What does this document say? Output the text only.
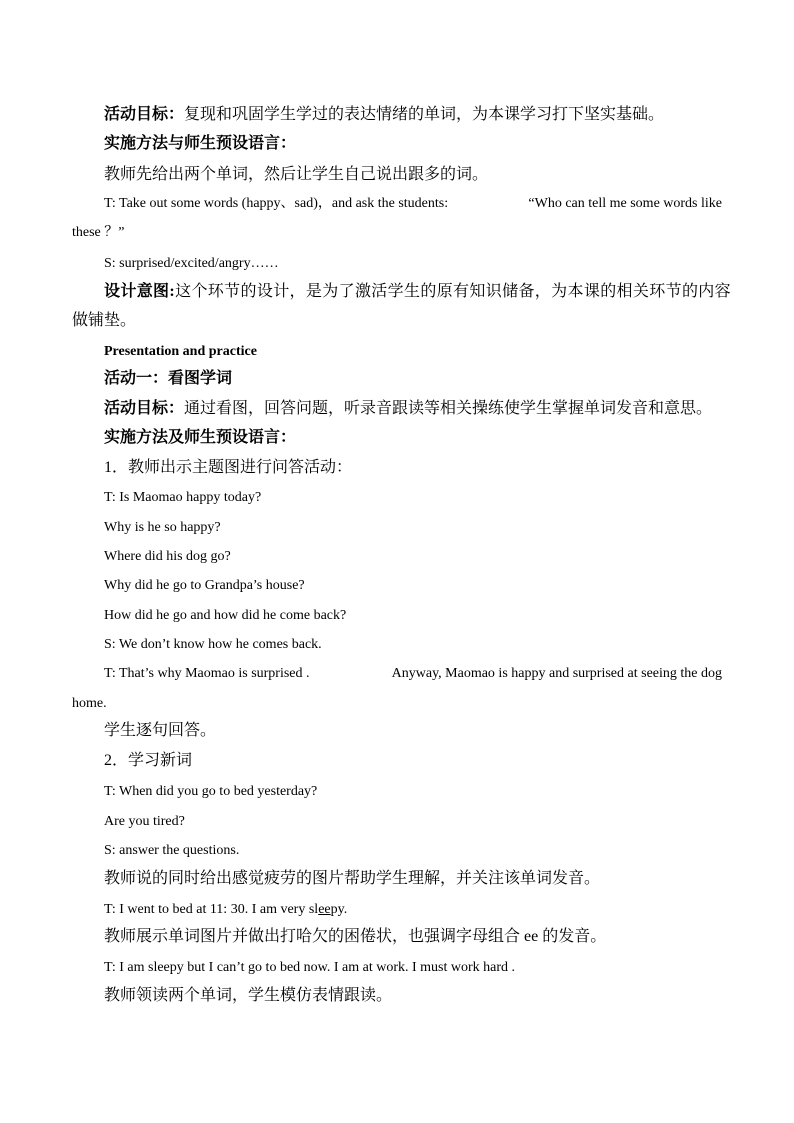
活动目标：复现和巩固学生学过的表达情绪的单词，为本课学习打下坚实基础。
实施方法与师生预设语言：
教师先给出两个单词，然后让学生自己说出跟多的词。
T: Take out some words (happy、sad)，and ask the students:	“Who can tell me some words like
these ？”
S: surprised/excited/angry……
设计意图:这个环节的设计，是为了激活学生的原有知识储备，为本课的相关环节的内容
做铺垫。
Presentation and practice
活动一：看图学词
活动目标：通过看图，回答问题，听录音跟读等相关操练使学生掌握单词发音和意思。
实施方法及师生预设语言：
1．教师出示主题图进行问答活动：
T: Is Maomao happy today?
Why is he so happy?
Where did his dog go?
Why did he go to Grandpa’s house?
How did he go and how did he come back?
S: We don’t know how he comes back.
T: That’s why Maomao is surprised .	Anyway, Maomao is happy and surprised at seeing the dog
home.
学生逐句回答。
2．学习新词
T: When did you go to bed yesterday?
Are you tired?
S: answer the questions.
教师说的同时给出感觉疲劳的图片帮助学生理解，并关注该单词发音。
T: I went to bed at 11: 30. I am very sleepy.
教师展示单词图片并做出打哈欠的困倦状，也强调字母组合 ee 的发音。
T: I am sleepy but I can’t go to bed now. I am at work. I must work hard .
教师领读两个单词，学生模仿表情跟读。
